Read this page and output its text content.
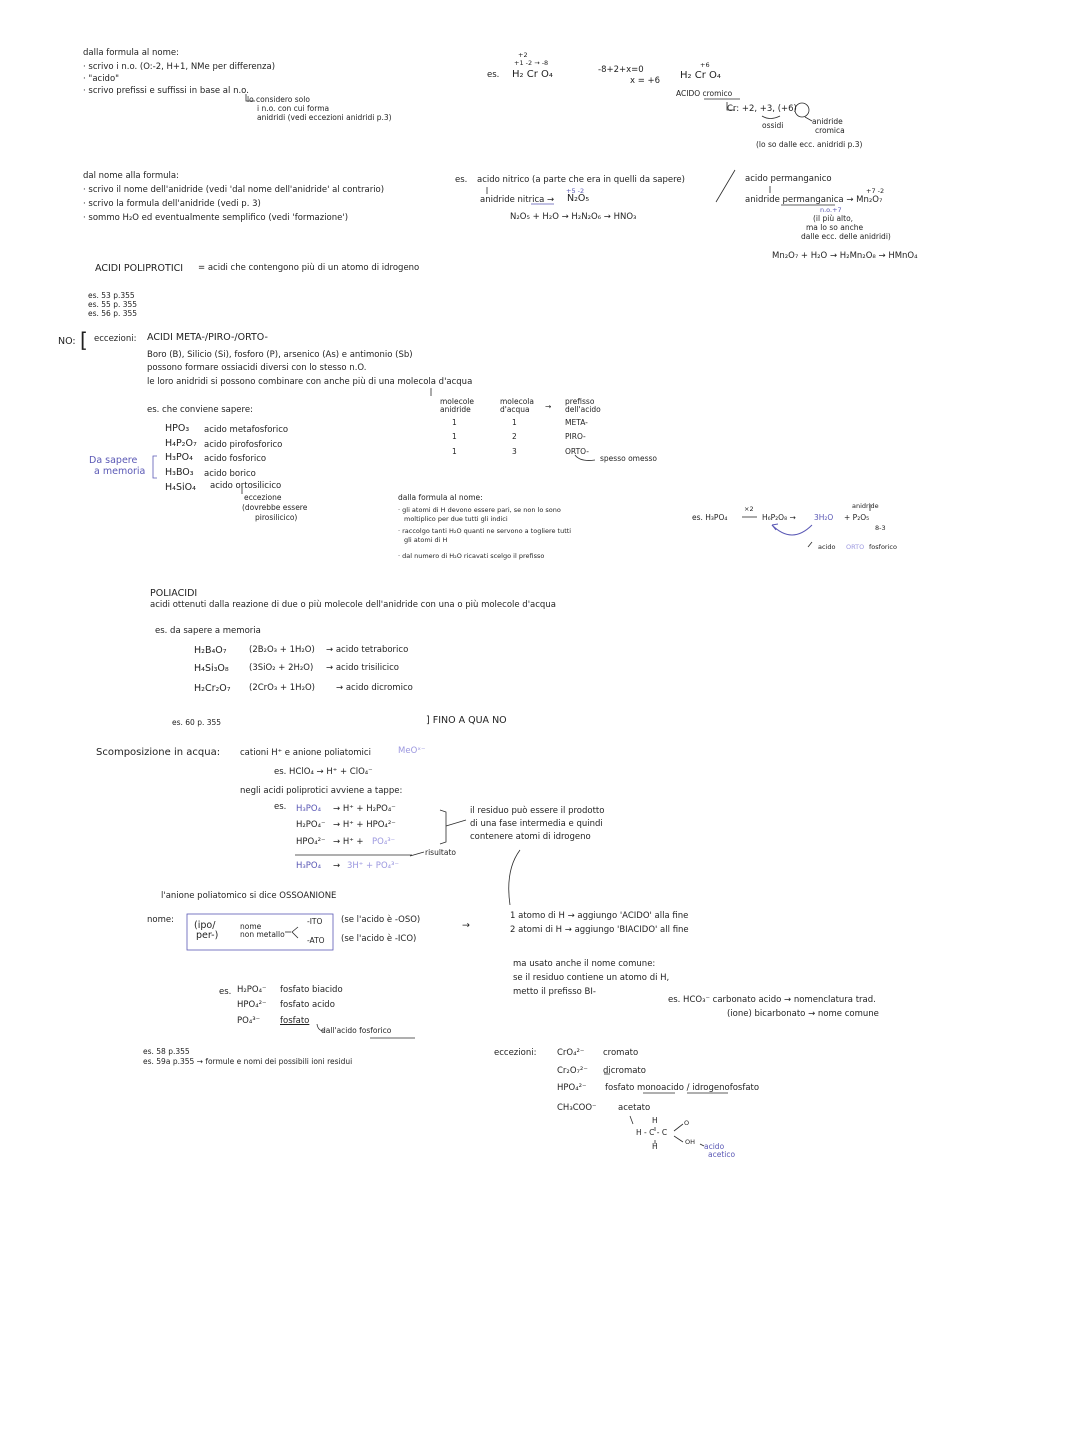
dalla formula al nome:
· scrivo i n.o. (O:-2, H+1, NMe per differenza)
· "acido"
· scrivo prefissi e suffissi in base al n.o.
lo considero solo
i n.o. con cui forma
anidridi (vedi eccezioni anidridi p.3)
+2
+1 -2 → -8
es. H₂ Cr O₄	-8+2+x=0
x = +6
+6
H₂ Cr O₄
ACIDO cromico
Cr: +2, +3, (+6)
ossidi	anidride
cromica
(lo so dalle ecc. anidridi p.3)
dal nome alla formula:
· scrivo il nome dell'anidride (vedi 'dal nome dell'anidride' al contrario)
· scrivo la formula dell'anidride (vedi p. 3)
· sommo H₂O ed eventualmente semplifico (vedi 'formazione')
es. acido nitrico (a parte che era in quelli da sapere)
anidride nitrica →
+5 -2
N₂O₅
N₂O₅ + H₂O → H₂N₂O₆ → HNO₃
acido permanganico
anidride permanganica → Mn₂O₇
+7 -2
n.o.+7
(il più alto,
ma lo so anche
dalle ecc. delle anidridi)
Mn₂O₇ + H₂O → H₂Mn₂O₈ → HMnO₄
ACIDI POLIPROTICI = acidi che contengono più di un atomo di idrogeno
es. 53 p.355
es. 55 p. 355
es. 56 p. 355
NO: [ eccezioni: ACIDI META-/PIRO-/ORTO-
Boro (B), Silicio (Si), fosforo (P), arsenico (As) e antimonio (Sb)
possono formare ossiacidi diversi con lo stesso n.O.
le loro anidridi si possono combinare con anche più di una molecola d'acqua
es. che conviene sapere:
HPO₃ acido metafosforico
H₄P₂O₇ acido pirofosforico
H₃PO₄ acido fosforico
H₃BO₃ acido borico
H₄SiO₄ acido ortosilicico
Da sapere
a memoria
eccezione
(dovrebbe essere
pirosilicico)
molecole
anidride
molecola
d'acqua →
prefisso
dell'acido
1	1	META-
1	2	PIRO-
1	3	ORTO-
spesso omesso
dalla formula al nome:
· gli atomi di H devono essere pari, se non lo sono
moltiplico per due tutti gli indici
· raccolgo tanti H₂O quanti ne servono a togliere tutti
gli atomi di H
· dal numero di H₂O ricavati scelgo il prefisso
es. H₃PO₄
×2
H₆P₂O₈ → 3H₂O + P₂O₅
anidride
8-3
acido ORTO fosforico
POLIACIDI
acidi ottenuti dalla reazione di due o più molecole dell'anidride con una o più molecole d'acqua
es. da sapere a memoria
H₂B₄O₇	(2B₂O₃ + 1H₂O) → acido tetraborico
H₄Si₃O₈ (3SiO₂ + 2H₂O) → acido trisilicico
H₂Cr₂O₇ (2CrO₃ + 1H₂O) → acido dicromico
es. 60 p. 355	] FINO A QUA NO
Scomposizione in acqua: cationi H⁺ e anione poliatomici	MeOˣ⁻
es. HClO₄ → H⁺ + ClO₄⁻
negli acidi poliprotici avviene a tappe:
es. H₃PO₄ → H⁺ + H₂PO₄⁻
H₂PO₄⁻ → H⁺ + HPO₄²⁻
HPO₄²⁻ → H⁺ + PO₄³⁻
H₃PO₄ → 3H⁺ + PO₄³⁻
risultato
il residuo può essere il prodotto
di una fase intermedia e quindi
contenere atomi di idrogeno
l'anione poliatomico si dice OSSOANIONE
nome: (ipo/
per-)
nome
non metallo
-ITO
-ATO
(se l'acido è -OSO)
(se l'acido è -ICO)
→
1 atomo di H → aggiungo 'ACIDO' alla fine
2 atomi di H → aggiungo 'BIACIDO' all fine
ma usato anche il nome comune:
se il residuo contiene un atomo di H,
metto il prefisso BI-
es. HCO₃⁻ carbonato acido → nomenclatura trad.
(ione) bicarbonato → nome comune
es. H₂PO₄⁻ fosfato biacido
HPO₄²⁻ fosfato acido
PO₄³⁻ fosfato
dall'acido fosforico
es. 58 p.355
es. 59a p.355 → formule e nomi dei possibili ioni residui
eccezioni: CrO₄²⁻ cromato
Cr₂O₇²⁻ dicromato
HPO₄²⁻ fosfato monoacido / idrogenofosfato
CH₃COO⁻	acetato
H
H - C - C
H
O
OH acido
acetico
